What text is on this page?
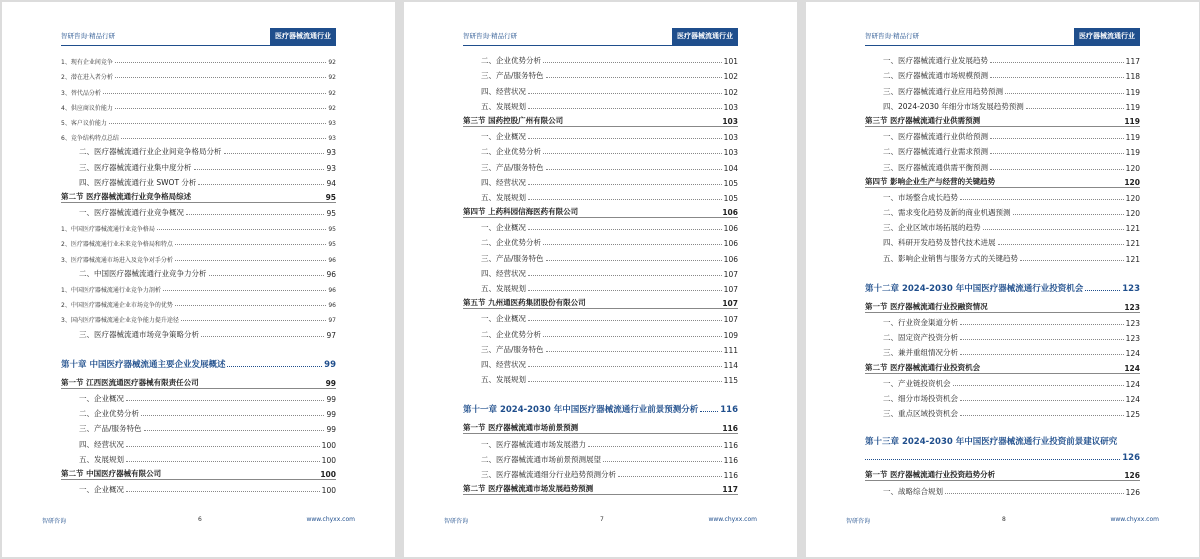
智研咨询·精品行研	医疗器械流通行业
1、现有企业间竞争	92
2、潜在进入者分析	92
3、替代品分析	92
4、供应商议价能力	92
5、客户议价能力	93
6、竞争结构特点总结	93
二、医疗器械流通行业企业间竞争格局分析	93
三、医疗器械流通行业集中度分析	93
四、医疗器械流通行业 SWOT 分析	94
第二节 医疗器械流通行业竞争格局综述	95
一、医疗器械流通行业竞争概况	95
1、中国医疗器械流通行业竞争格局	95
2、医疗器械流通行业未来竞争格局和特点	95
3、医疗器械流通市场进入及竞争对手分析	96
二、中国医疗器械流通行业竞争力分析	96
1、中国医疗器械流通行业竞争力剖析	96
2、中国医疗器械流通企业市场竞争的优势	96
3、国内医疗器械流通企业竞争能力提升途径	97
三、医疗器械流通市场竞争策略分析	97
第十章 中国医疗器械流通主要企业发展概述	99
第一节 江西医流通医疗器械有限责任公司	99
一、企业概况	99
二、企业优势分析	99
三、产品/服务特色	99
四、经营状况	100
五、发展规划	100
第二节 中国医疗器械有限公司	100
一、企业概况	100
智研咨询	6	www.chyxx.com
智研咨询·精品行研	医疗器械流通行业
二、企业优势分析	101
三、产品/服务特色	102
四、经营状况	102
五、发展规划	103
第三节 国药控股广州有限公司	103
一、企业概况	103
二、企业优势分析	103
三、产品/服务特色	104
四、经营状况	105
五、发展规划	105
第四节 上药科园信海医药有限公司	106
一、企业概况	106
二、企业优势分析	106
三、产品/服务特色	106
四、经营状况	107
五、发展规划	107
第五节 九州通医药集团股份有限公司	107
一、企业概况	107
二、企业优势分析	109
三、产品/服务特色	111
四、经营状况	114
五、发展规划	115
第十一章 2024-2030 年中国医疗器械流通行业前景预测分析	116
第一节 医疗器械流通市场前景预测	116
一、医疗器械流通市场发展潜力	116
二、医疗器械流通市场前景预测展望	116
三、医疗器械流通细分行业趋势预测分析	116
第二节 医疗器械流通市场发展趋势预测	117
智研咨询	7	www.chyxx.com
智研咨询·精品行研	医疗器械流通行业
一、医疗器械流通行业发展趋势	117
二、医疗器械流通市场规模预测	118
三、医疗器械流通行业应用趋势预测	119
四、2024-2030 年细分市场发展趋势预测	119
第三节 医疗器械流通行业供需预测	119
一、医疗器械流通行业供给预测	119
二、医疗器械流通行业需求预测	119
三、医疗器械流通供需平衡预测	120
第四节 影响企业生产与经营的关键趋势	120
一、市场整合成长趋势	120
二、需求变化趋势及新的商业机遇预测	120
三、企业区域市场拓展的趋势	121
四、科研开发趋势及替代技术进展	121
五、影响企业销售与服务方式的关键趋势	121
第十二章 2024-2030 年中国医疗器械流通行业投资机会	123
第一节 医疗器械流通行业投融资情况	123
一、行业资金渠道分析	123
二、固定资产投资分析	123
三、兼并重组情况分析	124
第二节 医疗器械流通行业投资机会	124
一、产业链投资机会	124
二、细分市场投资机会	124
三、重点区域投资机会	125
第十三章 2024-2030 年中国医疗器械流通行业投资前景建议研究
126
第一节 医疗器械流通行业投资趋势分析	126
一、战略综合规划	126
智研咨询	8	www.chyxx.com
